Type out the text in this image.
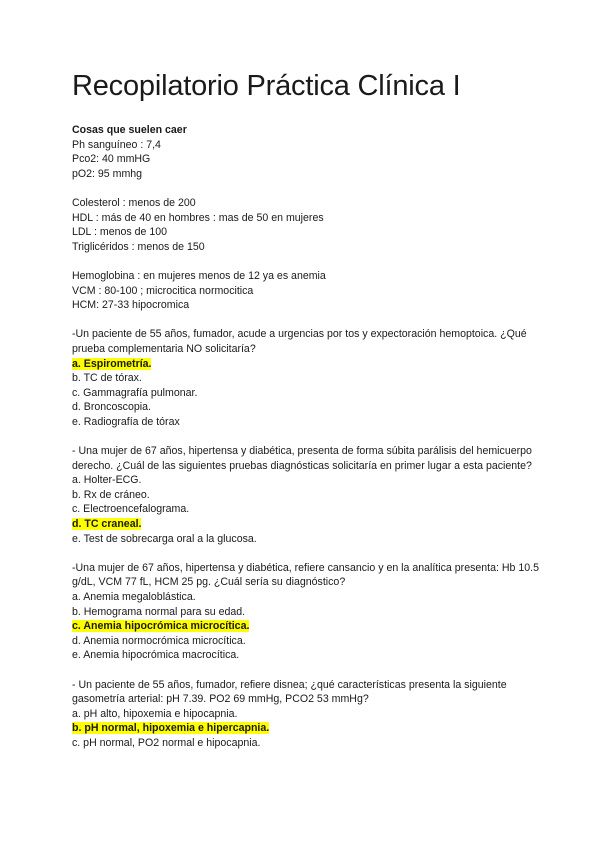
Recopilatorio Práctica Clínica I
Cosas que suelen caer
Ph sanguíneo : 7,4
Pco2: 40 mmHG
pO2: 95 mmhg
Colesterol : menos de 200
HDL : más de 40 en hombres : mas de 50 en mujeres
LDL : menos de 100
Triglicéridos : menos de 150
Hemoglobina : en mujeres menos de 12 ya es anemia
VCM : 80-100 ; microcitica normocitica
HCM: 27-33 hipocromica
-Un paciente de 55 años, fumador, acude a urgencias por tos y expectoración hemoptoica. ¿Qué prueba complementaria NO solicitaría?
a. Espirometría.
b. TC de tórax.
c. Gammagrafía pulmonar.
d. Broncoscopia.
e. Radiografía de tórax
- Una mujer de 67 años, hipertensa y diabética, presenta de forma súbita parálisis del hemicuerpo derecho. ¿Cuál de las siguientes pruebas diagnósticas solicitaría en primer lugar a esta paciente?
a. Holter-ECG.
b. Rx de cráneo.
c. Electroencefalograma.
d. TC craneal.
e. Test de sobrecarga oral a la glucosa.
-Una mujer de 67 años, hipertensa y diabética, refiere cansancio y en la analítica presenta: Hb 10.5 g/dL, VCM 77 fL, HCM 25 pg. ¿Cuál sería su diagnóstico?
a. Anemia megaloblástica.
b. Hemograma normal para su edad.
c. Anemia hipocrómica microcítica.
d. Anemia normocrómica microcítica.
e. Anemia hipocrómica macrocítica.
- Un paciente de 55 años, fumador, refiere disnea; ¿qué características presenta la siguiente gasometría arterial: pH 7.39. PO2 69 mmHg, PCO2 53 mmHg?
a. pH alto, hipoxemia e hipocapnia.
b. pH normal, hipoxemia e hipercapnia.
c. pH normal, PO2 normal e hipocapnia.
